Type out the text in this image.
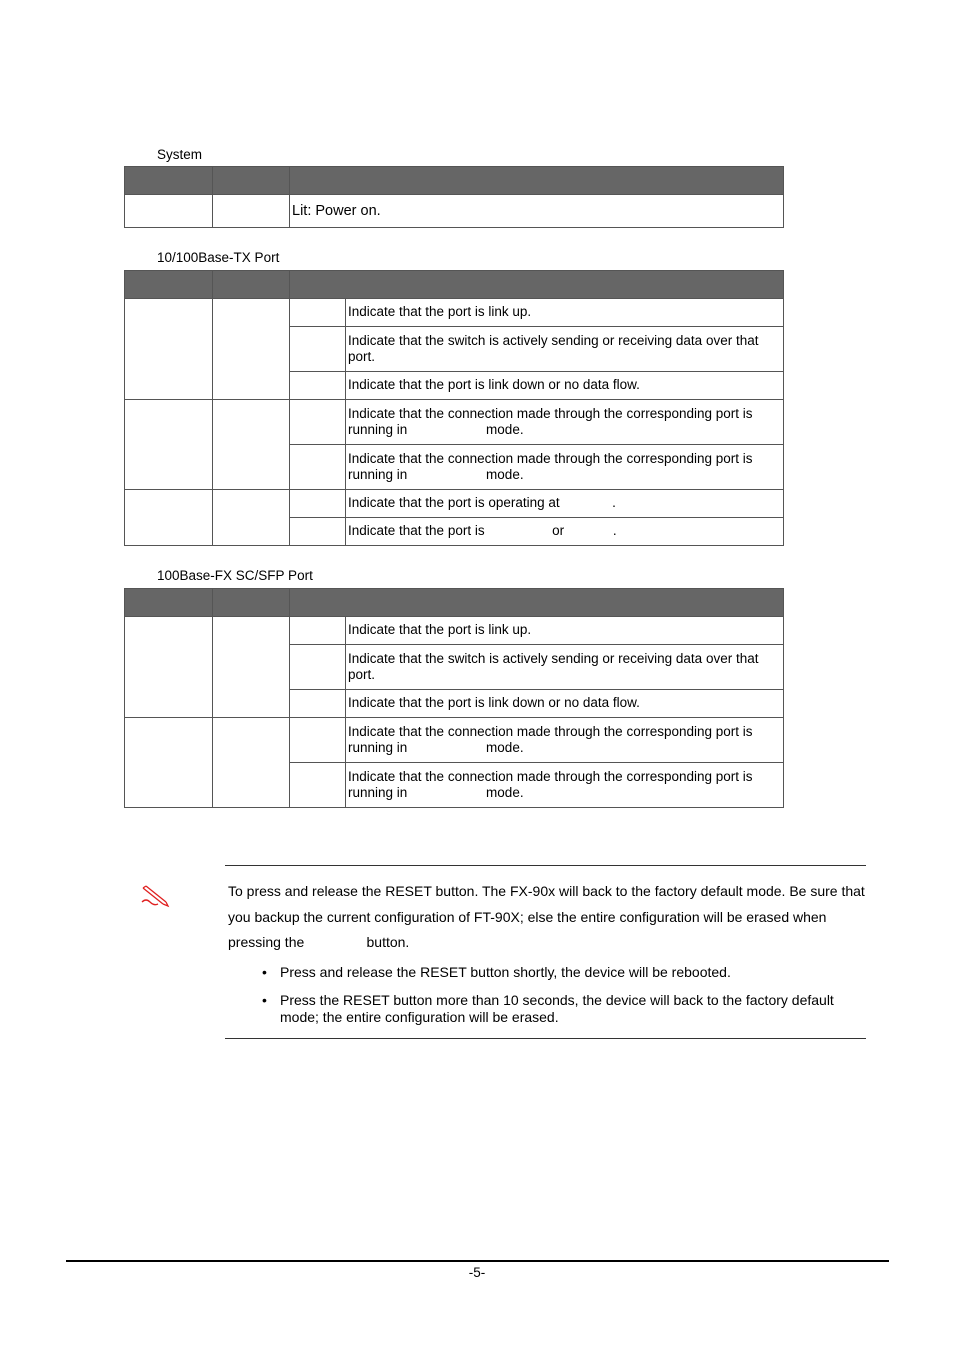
System

		Lit: Power on.
10/100Base-TX Port

			Indicate that the port is link up.
			Indicate that the switch is actively sending or receiving data over that port.
			Indicate that the port is link down or no data flow.
			Indicate that the connection made through the corresponding port is running in                     mode.
			Indicate that the connection made through the corresponding port is running in                     mode.
			Indicate that the port is operating at              .
			Indicate that the port is                  or             .
100Base-FX SC/SFP Port

			Indicate that the port is link up.
			Indicate that the switch is actively sending or receiving data over that port.
			Indicate that the port is link down or no data flow.
			Indicate that the connection made through the corresponding port is running in                     mode.
			Indicate that the connection made through the corresponding port is running in                     mode.
To press and release the RESET button. The FX-90x will back to the factory default mode. Be sure that you backup the current configuration of FT-90X; else the entire configuration will be erased when pressing the                button.
• Press and release the RESET button shortly, the device will be rebooted.
• Press the RESET button more than 10 seconds, the device will back to the factory default mode; the entire configuration will be erased.
-5-
